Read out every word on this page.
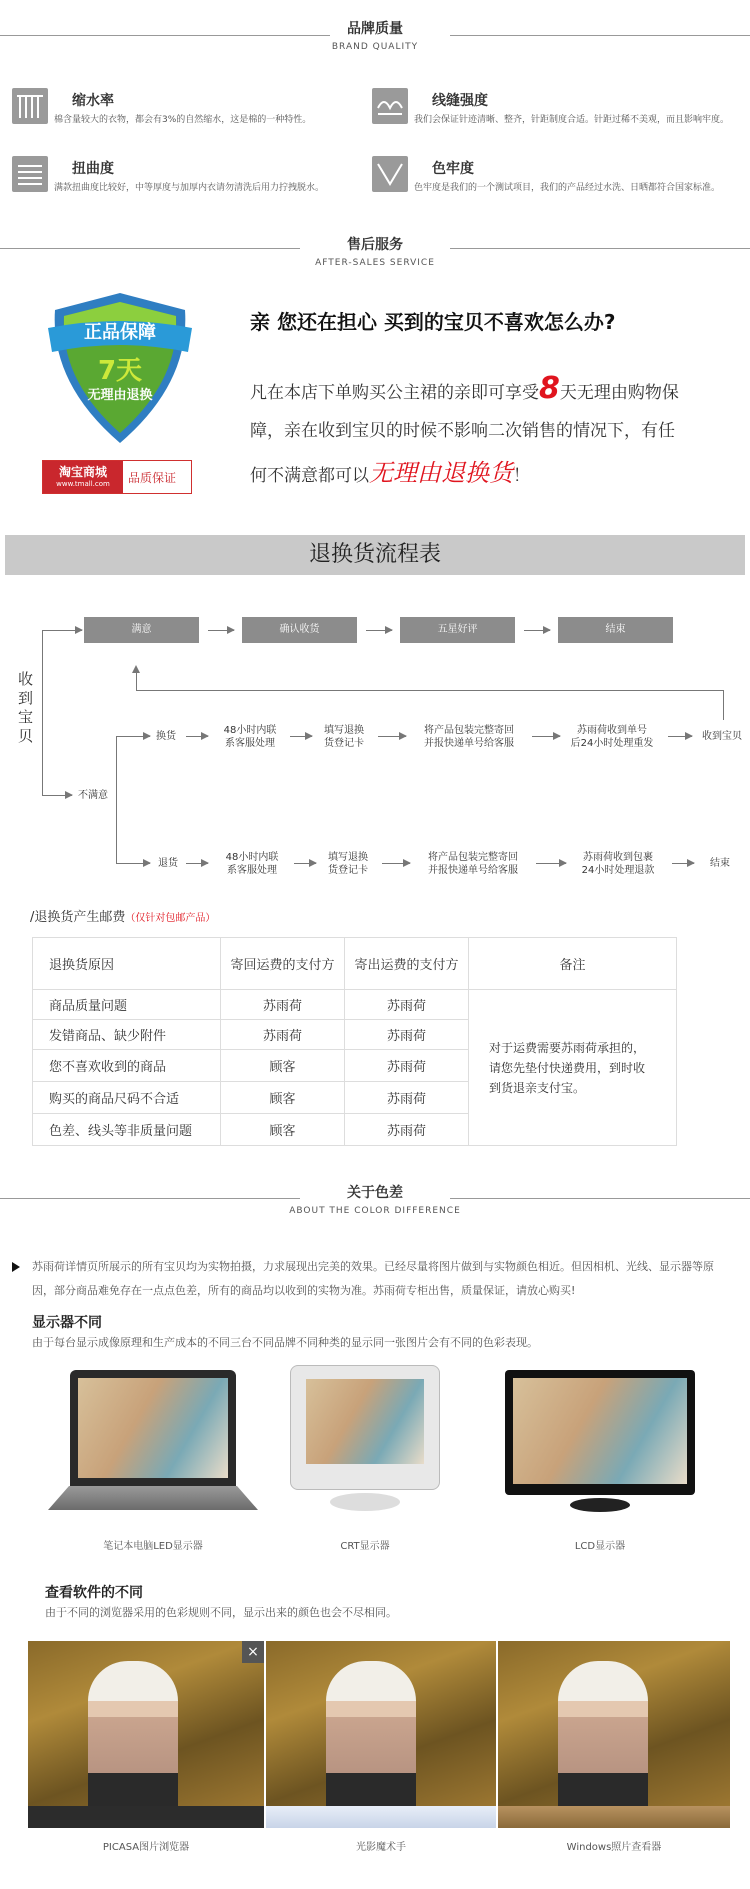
品牌质量
BRAND QUALITY
缩水率
棉含量较大的衣物，都会有3%的自然缩水，这是棉的一种特性。
线缝强度
我们会保证针迹清晰、整齐，针距制度合适。针距过稀不美观，而且影响牢度。
扭曲度
满款扭曲度比较好，中等厚度与加厚内衣请勿清洗后用力拧拽脱水。
色牢度
色牢度是我们的一个测试项目，我们的产品经过水洗、日晒都符合国家标准。
售后服务
AFTER-SALES SERVICE
正品保障
7天
无理由退换
淘宝商城
www.tmall.com	品质保证
亲 您还在担心 买到的宝贝不喜欢怎么办?
凡在本店下单购买公主裙的亲即可享受8天无理由购物保
障，亲在收到宝贝的时候不影响二次销售的情况下，有任
何不满意都可以无理由退换货！
退换货流程表
收到宝贝
满意	确认收货	五星好评	结束
不满意
换货
48小时内联
系客服处理
填写退换
货登记卡
将产品包装完整寄回
并报快递单号给客服
苏雨荷收到单号
后24小时处理重发
收到宝贝
退货
48小时内联
系客服处理
填写退换
货登记卡
将产品包装完整寄回
并报快递单号给客服
苏雨荷收到包裹
24小时处理退款
结束
/退换货产生邮费（仅针对包邮产品）
退换货原因	寄回运费的支付方	寄出运费的支付方	备注
商品质量问题	苏雨荷	苏雨荷	对于运费需要苏雨荷承担的，请您先垫付快递费用，到时收到货退亲支付宝。
发错商品、缺少附件	苏雨荷	苏雨荷	
您不喜欢收到的商品	顾客	苏雨荷	
购买的商品尺码不合适	顾客	苏雨荷	
色差、线头等非质量问题	顾客	苏雨荷	
关于色差
ABOUT THE COLOR DIFFERENCE
苏雨荷详情页所展示的所有宝贝均为实物拍摄，力求展现出完美的效果。已经尽量将图片做到与实物颜色相近。但因相机、光线、显示器等原因，部分商品难免存在一点点色差，所有的商品均以收到的实物为准。苏雨荷专柜出售，质量保证，请放心购买!
显示器不同
由于每台显示成像原理和生产成本的不同三台不同品牌不同种类的显示同一张图片会有不同的色彩表现。
笔记本电脑LED显示器	CRT显示器	LCD显示器
查看软件的不同
由于不同的浏览器采用的色彩规则不同，显示出来的颜色也会不尽相同。
×
PICASA图片浏览器	光影魔术手	Windows照片查看器
